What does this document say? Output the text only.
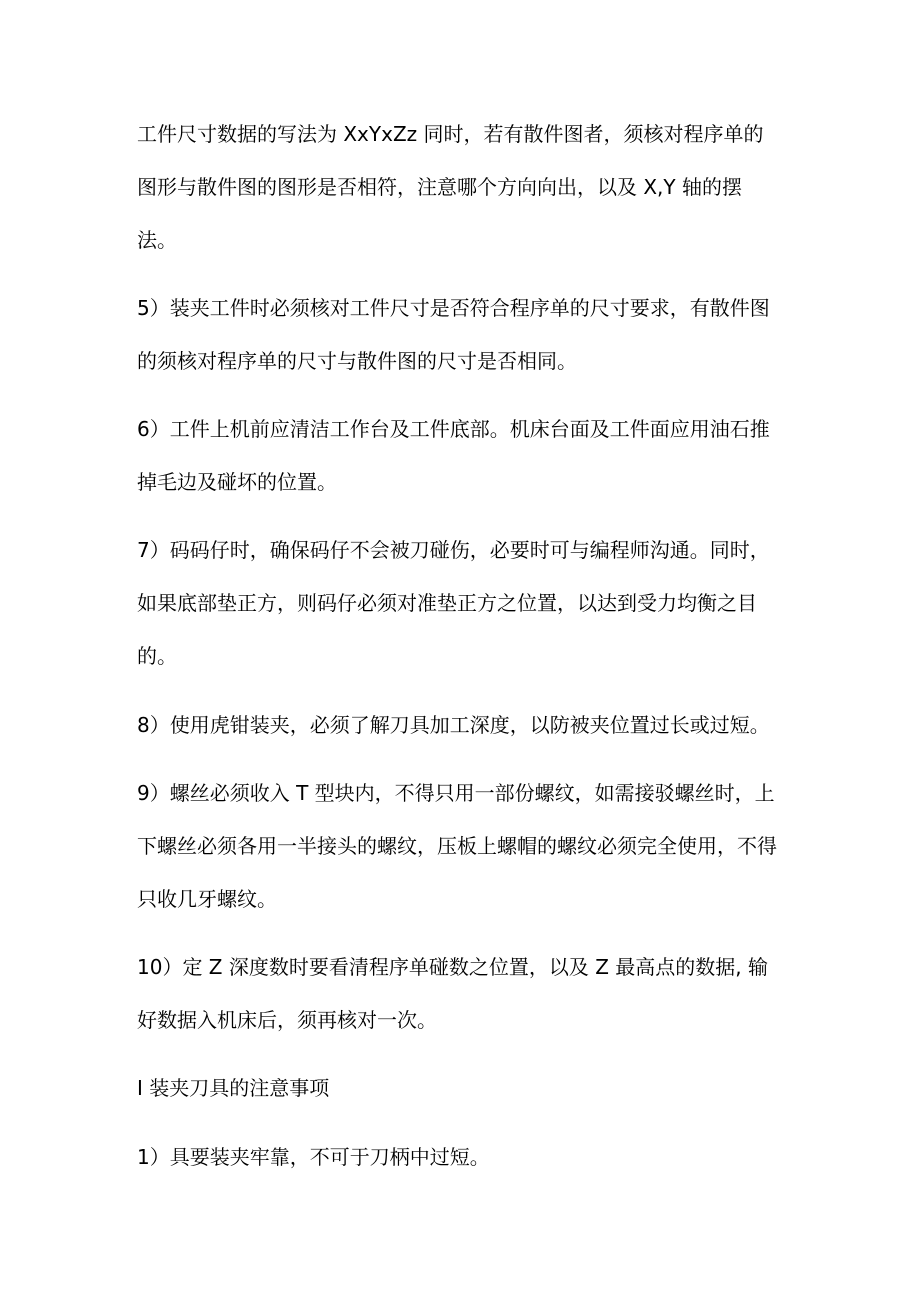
工件尺寸数据的写法为 XxYxZz 同时，若有散件图者，须核对程序单的
图形与散件图的图形是否相符，注意哪个方向向出，以及 X,Y 轴的摆
法。
5）装夹工件时必须核对工件尺寸是否符合程序单的尺寸要求，有散件图
的须核对程序单的尺寸与散件图的尺寸是否相同。
6）工件上机前应清洁工作台及工件底部。机床台面及工件面应用油石推
掉毛边及碰坏的位置。
7）码码仔时，确保码仔不会被刀碰伤，必要时可与编程师沟通。同时，
如果底部垫正方，则码仔必须对准垫正方之位置，以达到受力均衡之目
的。
8）使用虎钳装夹，必须了解刀具加工深度，以防被夹位置过长或过短。
9）螺丝必须收入 T 型块内，不得只用一部份螺纹，如需接驳螺丝时，上
下螺丝必须各用一半接头的螺纹，压板上螺帽的螺纹必须完全使用，不得
只收几牙螺纹。
10）定 Z 深度数时要看清程序单碰数之位置，以及 Z 最高点的数据, 输
好数据入机床后，须再核对一次。
I 装夹刀具的注意事项
1）具要装夹牢靠，不可于刀柄中过短。
